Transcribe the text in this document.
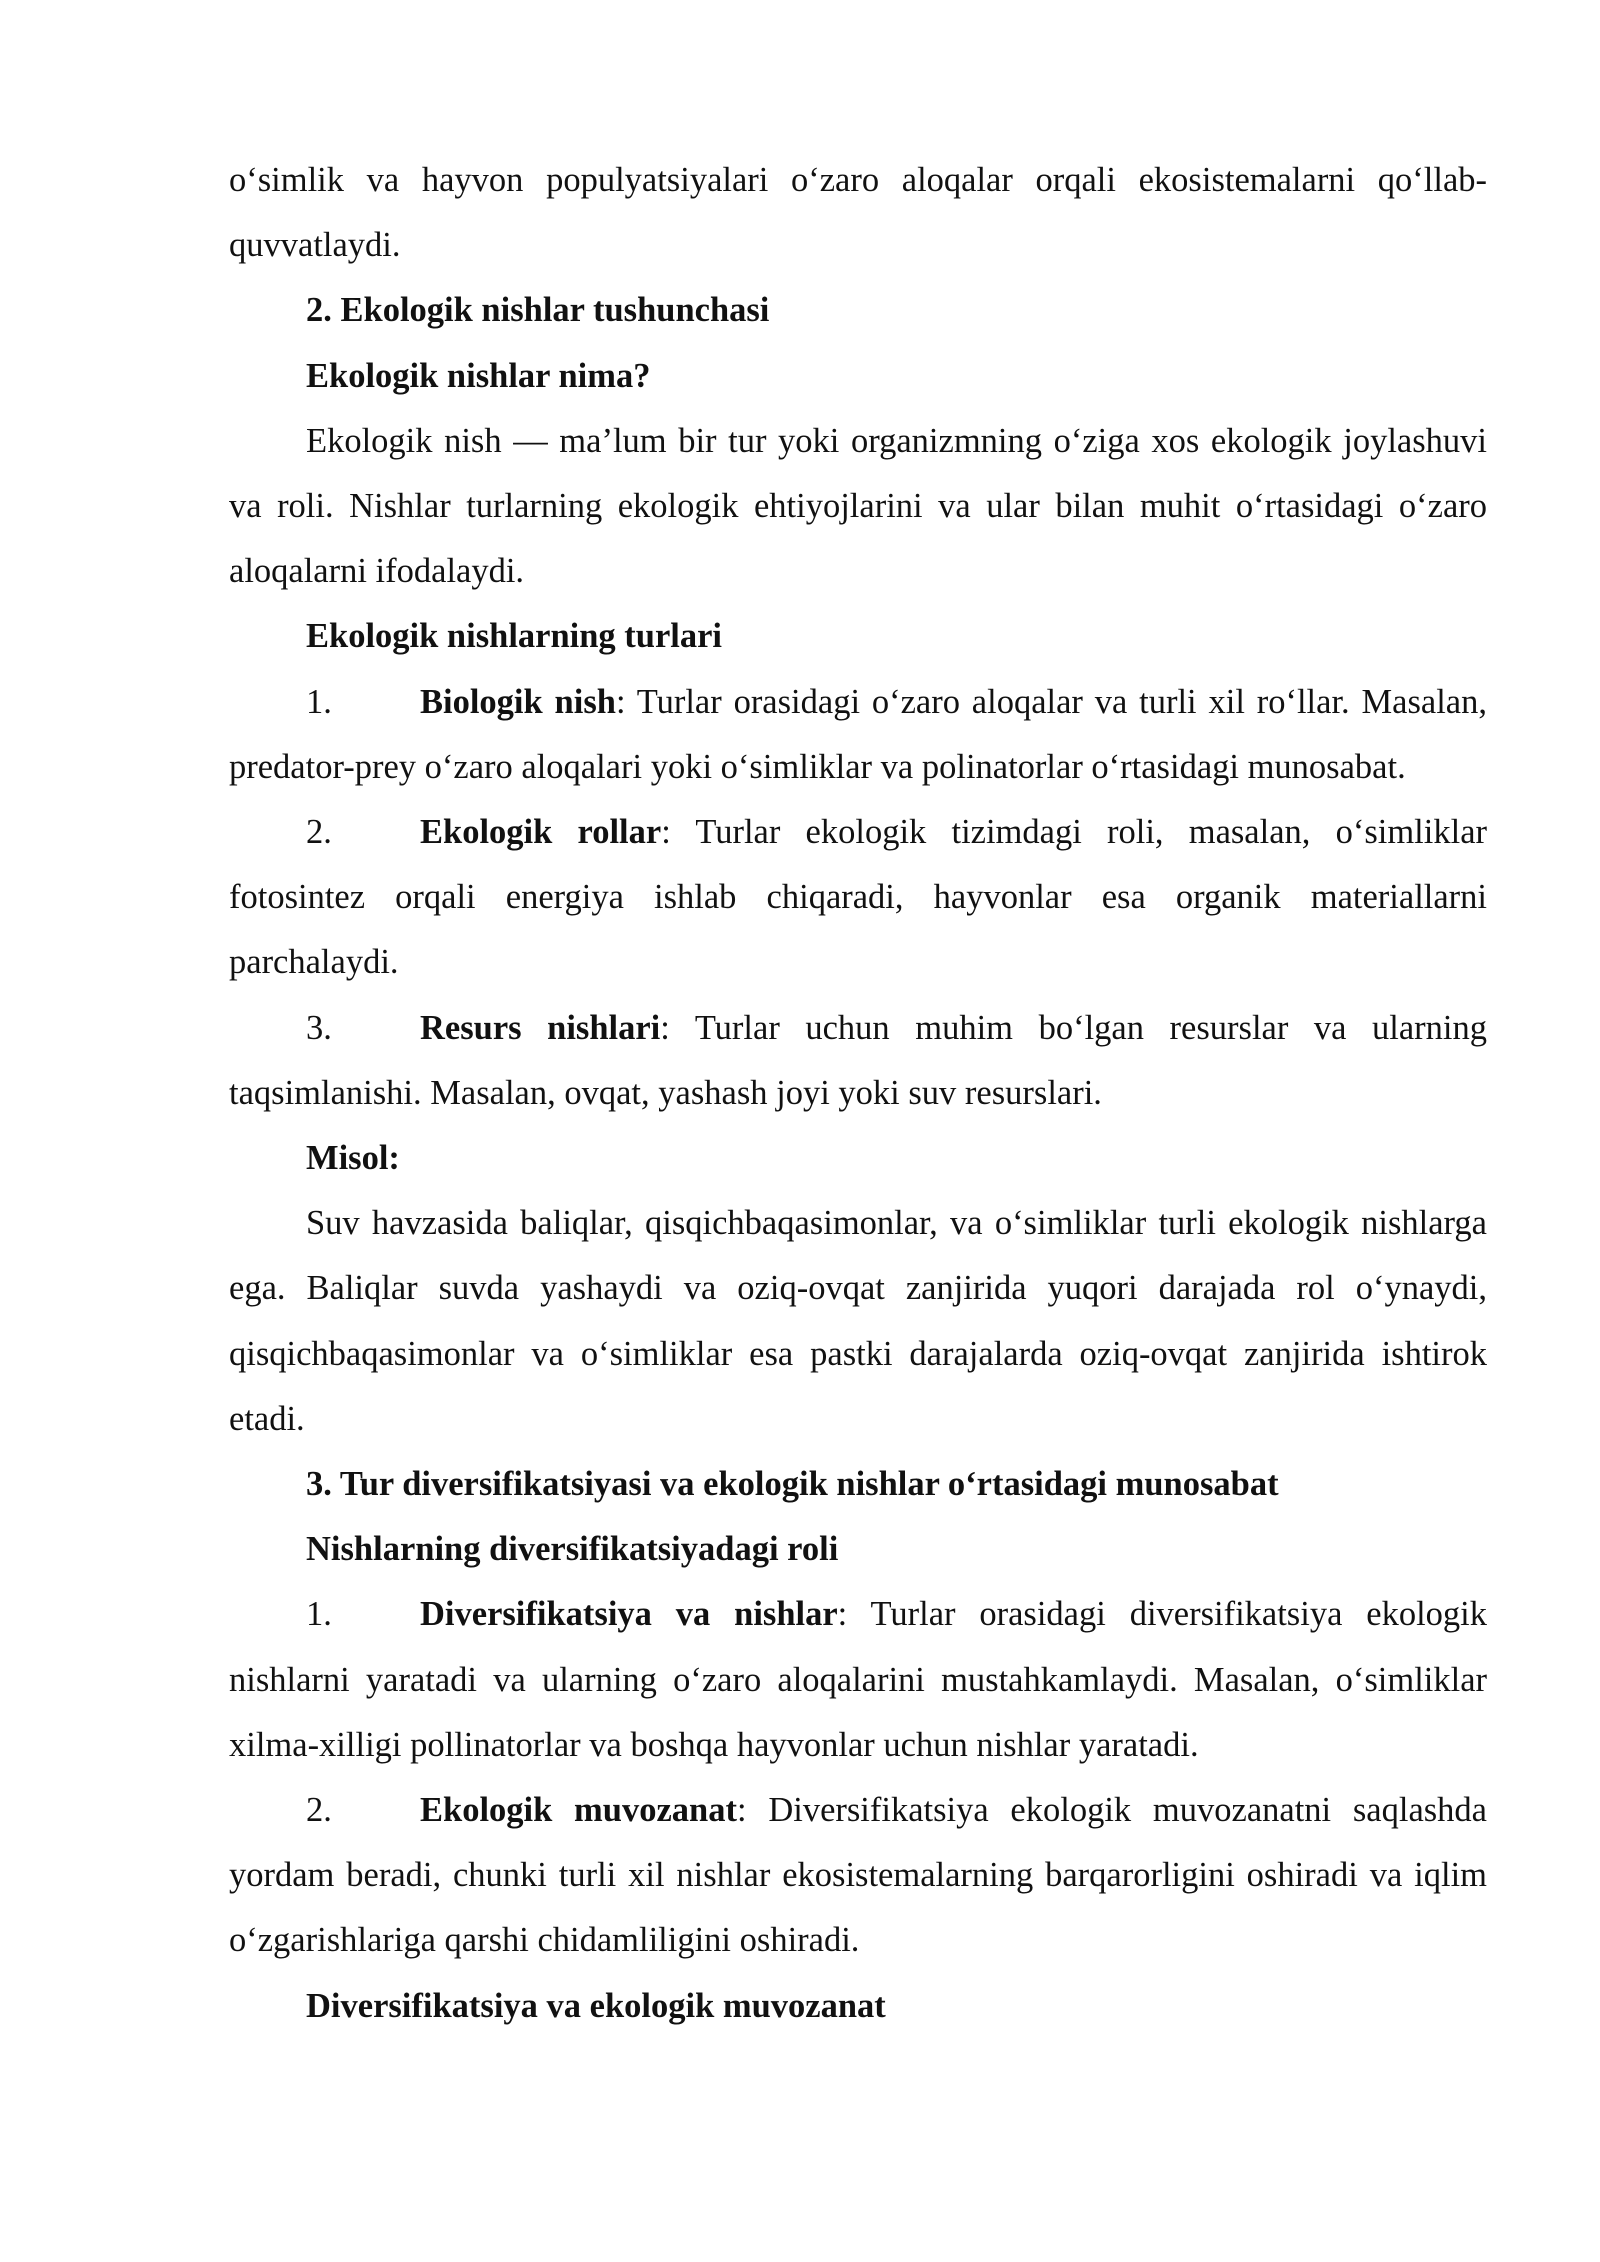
o‘simlik va hayvon populyatsiyalari o‘zaro aloqalar orqali ekosistemalarni qo‘llab-quvvatlaydi.

2. Ekologik nishlar tushunchasi

Ekologik nishlar nima?

Ekologik nish — ma’lum bir tur yoki organizmning o‘ziga xos ekologik joylashuvi va roli. Nishlar turlarning ekologik ehtiyojlarini va ular bilan muhit o‘rtasidagi o‘zaro aloqalarni ifodalaydi.

Ekologik nishlarning turlari

1.	Biologik nish: Turlar orasidagi o‘zaro aloqalar va turli xil ro‘llar. Masalan, predator-prey o‘zaro aloqalari yoki o‘simliklar va polinatorlar o‘rtasidagi munosabat.

2.	Ekologik rollar: Turlar ekologik tizimdagi roli, masalan, o‘simliklar fotosintez orqali energiya ishlab chiqaradi, hayvonlar esa organik materiallarni parchalaydi.

3.	Resurs nishlari: Turlar uchun muhim bo‘lgan resurslar va ularning taqsimlanishi. Masalan, ovqat, yashash joyi yoki suv resurslari.

Misol:

Suv havzasida baliqlar, qisqichbaqasimonlar, va o‘simliklar turli ekologik nishlarga ega. Baliqlar suvda yashaydi va oziq-ovqat zanjirida yuqori darajada rol o‘ynaydi, qisqichbaqasimonlar va o‘simliklar esa pastki darajalarda oziq-ovqat zanjirida ishtirok etadi.

3. Tur diversifikatsiyasi va ekologik nishlar o‘rtasidagi munosabat

Nishlarning diversifikatsiyadagi roli

1.	Diversifikatsiya va nishlar: Turlar orasidagi diversifikatsiya ekologik nishlarni yaratadi va ularning o‘zaro aloqalarini mustahkamlaydi. Masalan, o‘simliklar xilma-xilligi pollinatorlar va boshqa hayvonlar uchun nishlar yaratadi.

2.	Ekologik muvozanat: Diversifikatsiya ekologik muvozanatni saqlashda yordam beradi, chunki turli xil nishlar ekosistemalarning barqarorligini oshiradi va iqlim o‘zgarishlariga qarshi chidamliligini oshiradi.

Diversifikatsiya va ekologik muvozanat
